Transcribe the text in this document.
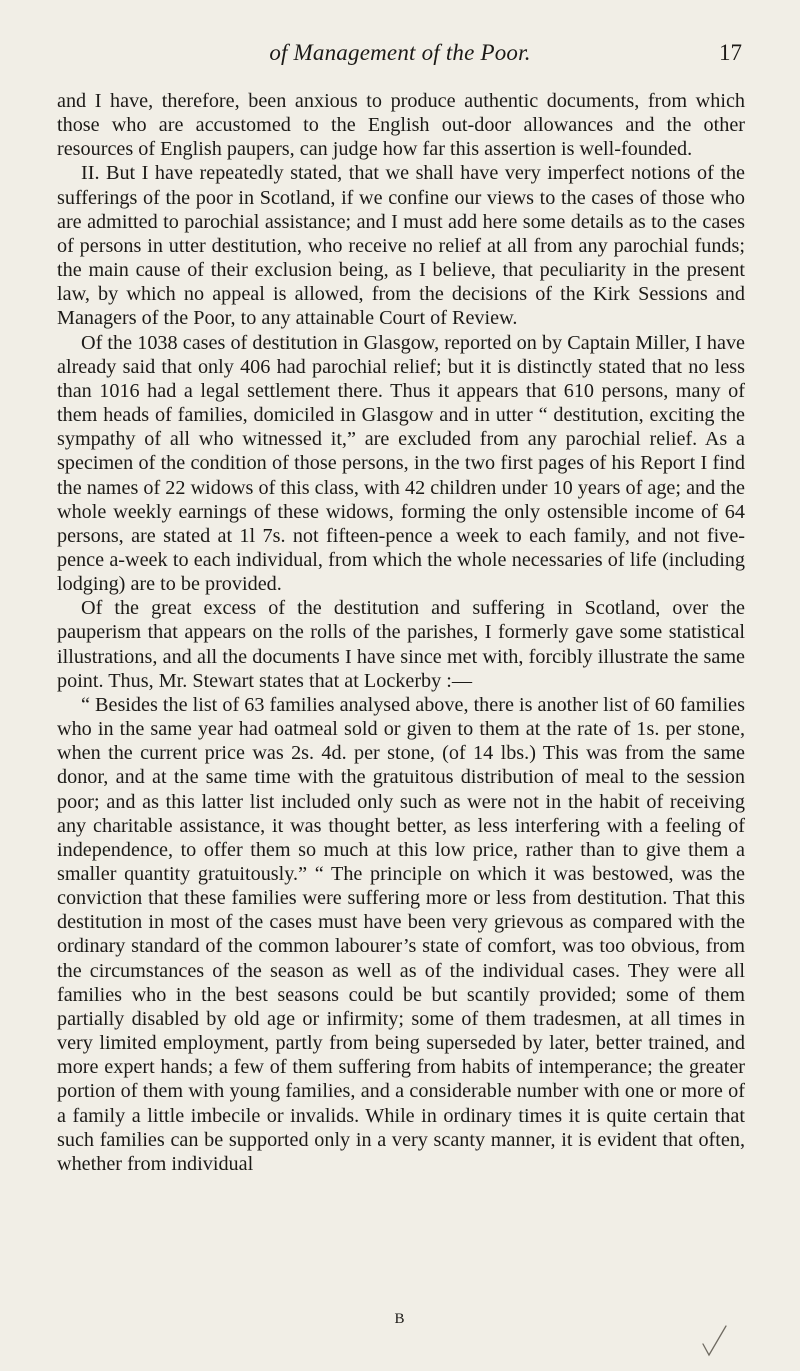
of Management of the Poor.	17

and I have, therefore, been anxious to produce authentic documents, from which those who are accustomed to the English out-door allowances and the other resources of English paupers, can judge how far this assertion is well-founded.

II. But I have repeatedly stated, that we shall have very imperfect notions of the sufferings of the poor in Scotland, if we confine our views to the cases of those who are admitted to parochial assistance; and I must add here some details as to the cases of persons in utter destitution, who receive no relief at all from any parochial funds; the main cause of their exclusion being, as I believe, that peculiarity in the present law, by which no appeal is allowed, from the decisions of the Kirk Sessions and Managers of the Poor, to any attainable Court of Review.

Of the 1038 cases of destitution in Glasgow, reported on by Captain Miller, I have already said that only 406 had parochial relief; but it is distinctly stated that no less than 1016 had a legal settlement there. Thus it appears that 610 persons, many of them heads of families, domiciled in Glasgow and in utter “ destitution, exciting the sympathy of all who witnessed it,” are excluded from any parochial relief. As a specimen of the condition of those persons, in the two first pages of his Report I find the names of 22 widows of this class, with 42 children under 10 years of age; and the whole weekly earnings of these widows, forming the only ostensible income of 64 persons, are stated at 1l 7s. not fifteen-pence a week to each family, and not five-pence a-week to each individual, from which the whole necessaries of life (including lodging) are to be provided.

Of the great excess of the destitution and suffering in Scotland, over the pauperism that appears on the rolls of the parishes, I formerly gave some statistical illustrations, and all the documents I have since met with, forcibly illustrate the same point. Thus, Mr. Stewart states that at Lockerby :—

“ Besides the list of 63 families analysed above, there is another list of 60 families who in the same year had oatmeal sold or given to them at the rate of 1s. per stone, when the current price was 2s. 4d. per stone, (of 14 lbs.) This was from the same donor, and at the same time with the gratuitous distribution of meal to the session poor; and as this latter list included only such as were not in the habit of receiving any charitable assistance, it was thought better, as less interfering with a feeling of independence, to offer them so much at this low price, rather than to give them a smaller quantity gratuitously.” “ The principle on which it was bestowed, was the conviction that these families were suffering more or less from destitution. That this destitution in most of the cases must have been very grievous as compared with the ordinary standard of the common labourer’s state of comfort, was too obvious, from the circumstances of the season as well as of the individual cases. They were all families who in the best seasons could be but scantily provided; some of them partially disabled by old age or infirmity; some of them tradesmen, at all times in very limited employment, partly from being superseded by later, better trained, and more expert hands; a few of them suffering from habits of intemperance; the greater portion of them with young families, and a considerable number with one or more of a family a little imbecile or invalids. While in ordinary times it is quite certain that such families can be supported only in a very scanty manner, it is evident that often, whether from individual

B
